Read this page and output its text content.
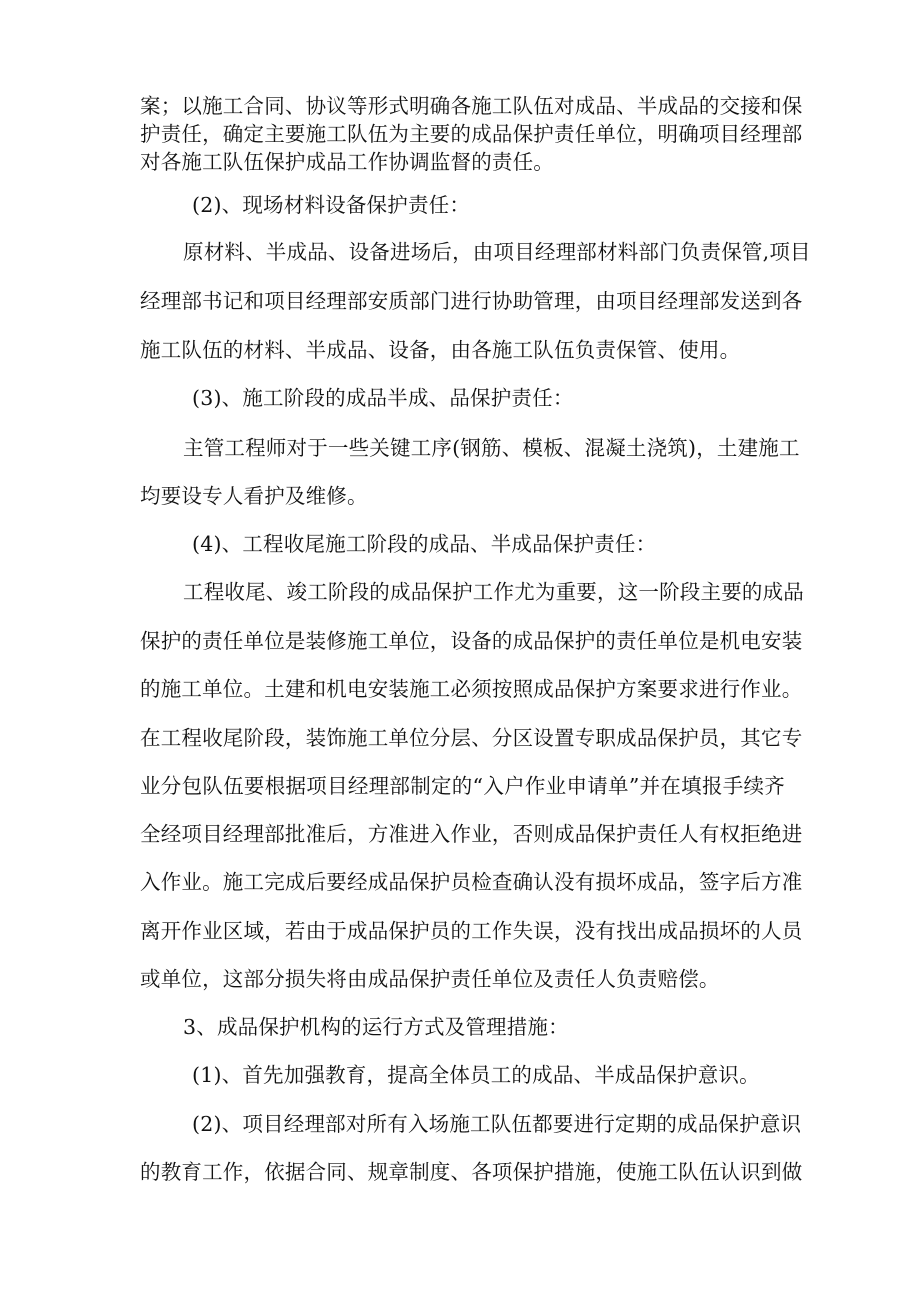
案；以施工合同、协议等形式明确各施工队伍对成品、半成品的交接和保
护责任，确定主要施工队伍为主要的成品保护责任单位，明确项目经理部
对各施工队伍保护成品工作协调监督的责任。
(2)、现场材料设备保护责任：
原材料、半成品、设备进场后，由项目经理部材料部门负责保管,项目
经理部书记和项目经理部安质部门进行协助管理，由项目经理部发送到各
施工队伍的材料、半成品、设备，由各施工队伍负责保管、使用。
(3)、施工阶段的成品半成、品保护责任：
主管工程师对于一些关键工序(钢筋、模板、混凝土浇筑)，土建施工
均要设专人看护及维修。
(4)、工程收尾施工阶段的成品、半成品保护责任：
工程收尾、竣工阶段的成品保护工作尤为重要，这一阶段主要的成品
保护的责任单位是装修施工单位，设备的成品保护的责任单位是机电安装
的施工单位。土建和机电安装施工必须按照成品保护方案要求进行作业。
在工程收尾阶段，装饰施工单位分层、分区设置专职成品保护员，其它专
业分包队伍要根据项目经理部制定的“入户作业申请单”并在填报手续齐
全经项目经理部批准后，方准进入作业，否则成品保护责任人有权拒绝进
入作业。施工完成后要经成品保护员检查确认没有损坏成品，签字后方准
离开作业区域，若由于成品保护员的工作失误，没有找出成品损坏的人员
或单位，这部分损失将由成品保护责任单位及责任人负责赔偿。
3、成品保护机构的运行方式及管理措施：
(1)、首先加强教育，提高全体员工的成品、半成品保护意识。
(2)、项目经理部对所有入场施工队伍都要进行定期的成品保护意识
的教育工作，依据合同、规章制度、各项保护措施，使施工队伍认识到做
